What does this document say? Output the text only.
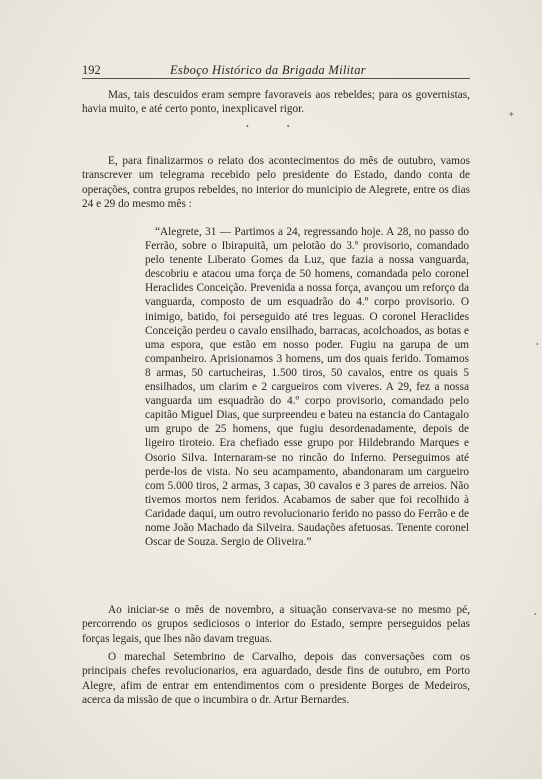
192	Esboço Histórico da Brigada Militar

Mas, tais descuidos eram sempre favoraveis aos rebeldes; para os governistas, havia muito, e até certo ponto, inexplicavel rigor.

• •

E, para finalizarmos o relato dos acontecimentos do mês de outubro, vamos transcrever um telegrama recebido pelo presidente do Estado, dando conta de operações, contra grupos rebeldes, no interior do municipio de Alegrete, entre os dias 24 e 29 do mesmo mês :

“Alegrete, 31 — Partimos a 24, regressando hoje. A 28, no passo do Ferrão, sobre o Ibirapuitã, um pelotão do 3.º provisorio, comandado pelo tenente Liberato Gomes da Luz, que fazia a nossa vanguarda, descobriu e atacou uma força de 50 homens, comandada pelo coronel Heraclides Conceição. Prevenida a nossa força, avançou um reforço da vanguarda, composto de um esquadrão do 4.º corpo provisorio. O inimigo, batido, foi perseguido até tres leguas. O coronel Heraclides Conceição perdeu o cavalo ensilhado, barracas, acolchoados, as botas e uma espora, que estão em nosso poder. Fugiu na garupa de um companheiro. Aprisionamos 3 homens, um dos quais ferido. Tomamos 8 armas, 50 cartucheiras, 1.500 tiros, 50 cavalos, entre os quais 5 ensilhados, um clarim e 2 cargueiros com viveres. A 29, fez a nossa vanguarda um esquadrão do 4.º corpo provisorio, comandado pelo capitão Miguel Dias, que surpreendeu e bateu na estancia do Cantagalo um grupo de 25 homens, que fugiu desordenadamente, depois de ligeiro tiroteio. Era chefiado esse grupo por Hildebrando Marques e Osorio Silva. Internaram-se no rincão do Inferno. Perseguimos até perde-los de vista. No seu acampamento, abandonaram um cargueiro com 5.000 tiros, 2 armas, 3 capas, 30 cavalos e 3 pares de arreios. Não tivemos mortos nem feridos. Acabamos de saber que foi recolhido à Caridade daqui, um outro revolucionario ferido no passo do Ferrão e de nome João Machado da Silveira. Saudações afetuosas. Tenente coronel Oscar de Souza. Sergio de Oliveira.”

Ao iniciar-se o mês de novembro, a situação conservava-se no mesmo pé, percorrendo os grupos sediciosos o interior do Estado, sempre perseguidos pelas forças legais, que lhes não davam treguas.

O marechal Setembrino de Carvalho, depois das conversações com os principais chefes revolucionarios, era aguardado, desde fins de outubro, em Porto Alegre, afim de entrar em entendimentos com o presidente Borges de Medeiros, acerca da missão de que o incumbira o dr. Artur Bernardes.

✦
•
•
